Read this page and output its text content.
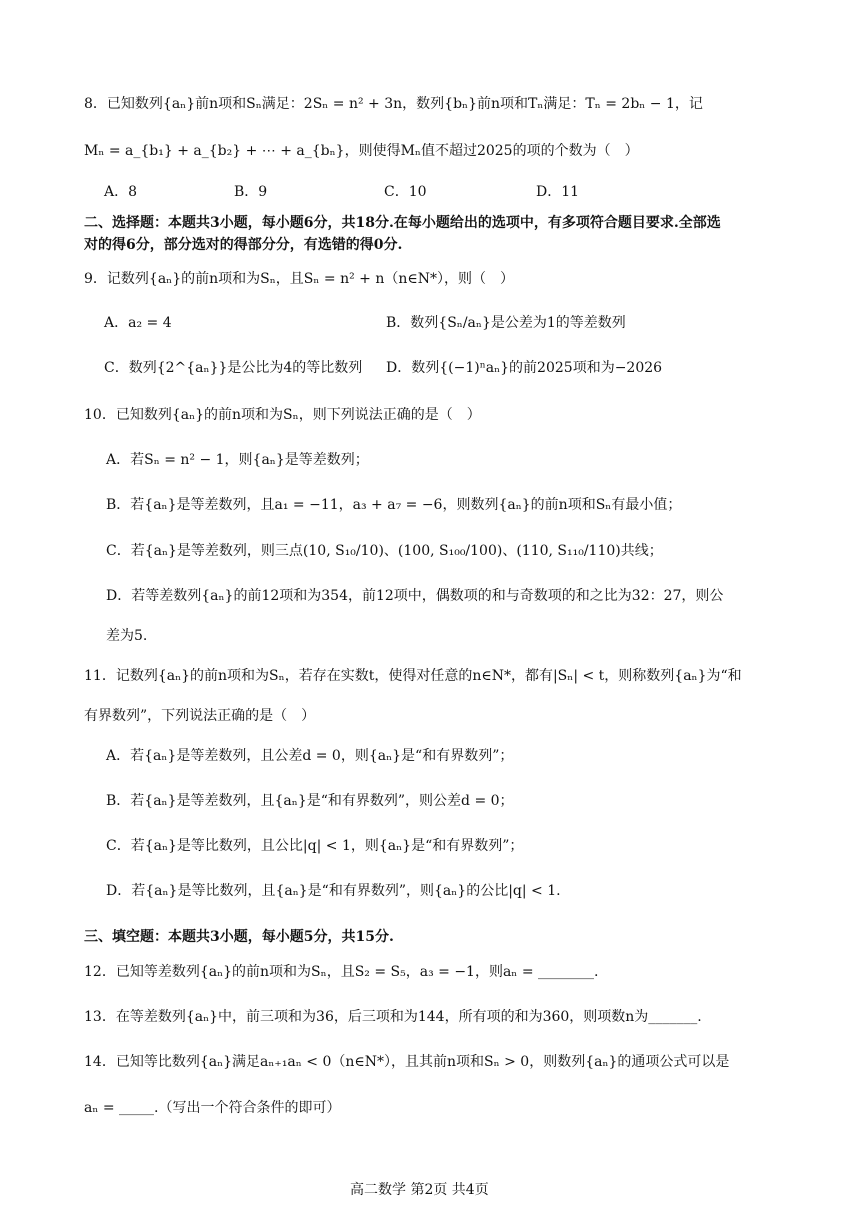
8．已知数列{aₙ}前n项和Sₙ满足：2Sₙ = n² + 3n，数列{bₙ}前n项和Tₙ满足：Tₙ = 2bₙ − 1，记
Mₙ = a_{b₁} + a_{b₂} + ⋯ + a_{bₙ}，则使得Mₙ值不超过2025的项的个数为（　）
A．8	B．9	C．10	D．11
二、选择题：本题共3小题，每小题6分，共18分.在每小题给出的选项中，有多项符合题目要求.全部选
对的得6分，部分选对的得部分分，有选错的得0分.
9．记数列{aₙ}的前n项和为Sₙ，且Sₙ = n² + n（n∈N*），则（　）
A．a₂ = 4	B．数列{Sₙ/aₙ}是公差为1的等差数列
C．数列{2^{aₙ}}是公比为4的等比数列 D．数列{(−1)ⁿaₙ}的前2025项和为−2026
10．已知数列{aₙ}的前n项和为Sₙ，则下列说法正确的是（　）
A．若Sₙ = n² − 1，则{aₙ}是等差数列；
B．若{aₙ}是等差数列，且a₁ = −11，a₃ + a₇ = −6，则数列{aₙ}的前n项和Sₙ有最小值；
C．若{aₙ}是等差数列，则三点(10, S₁₀/10)、(100, S₁₀₀/100)、(110, S₁₁₀/110)共线；
D．若等差数列{aₙ}的前12项和为354，前12项中，偶数项的和与奇数项的和之比为32：27，则公
差为5.
11．记数列{aₙ}的前n项和为Sₙ，若存在实数t，使得对任意的n∈N*，都有|Sₙ| < t，则称数列{aₙ}为“和
有界数列”，下列说法正确的是（　）
A．若{aₙ}是等差数列，且公差d = 0，则{aₙ}是“和有界数列”；
B．若{aₙ}是等差数列，且{aₙ}是“和有界数列”，则公差d = 0；
C．若{aₙ}是等比数列，且公比|q| < 1，则{aₙ}是“和有界数列”；
D．若{aₙ}是等比数列，且{aₙ}是“和有界数列”，则{aₙ}的公比|q| < 1.
三、填空题：本题共3小题，每小题5分，共15分.
12．已知等差数列{aₙ}的前n项和为Sₙ，且S₂ = S₅，a₃ = −1，则aₙ = ________.
13．在等差数列{aₙ}中，前三项和为36，后三项和为144，所有项的和为360，则项数n为_______.
14．已知等比数列{aₙ}满足aₙ₊₁aₙ < 0（n∈N*），且其前n项和Sₙ > 0，则数列{aₙ}的通项公式可以是
aₙ = _____.（写出一个符合条件的即可）
高二数学 第2页 共4页
